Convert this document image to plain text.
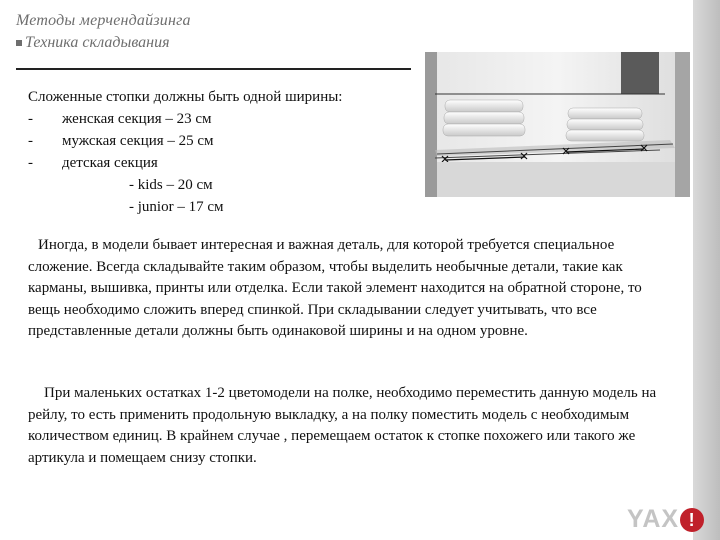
Методы мерчендайзинга
Техника складывания
Сложенные стопки должны быть одной ширины:
- женская секция – 23 см
- мужская секция – 25 см
- детская секция
- kids – 20 см
- junior – 17 см
Иногда, в модели бывает интересная и важная деталь, для которой требуется специальное сложение. Всегда складывайте таким образом, чтобы выделить необычные детали, такие как карманы, вышивка, принты или отделка. Если такой элемент находится на обратной стороне, то вещь необходимо сложить вперед спинкой. При складывании следует учитывать, что все представленные детали должны быть одинаковой ширины и на одном уровне.
При маленьких остатках 1-2 цветомодели на полке, необходимо переместить данную модель на рейлу, то есть применить продольную выкладку, а на полку поместить модель с необходимым количеством единиц. В крайнем случае , перемещаем остаток к стопке похожего или такого же артикула и помещаем снизу стопки.
YAX !
